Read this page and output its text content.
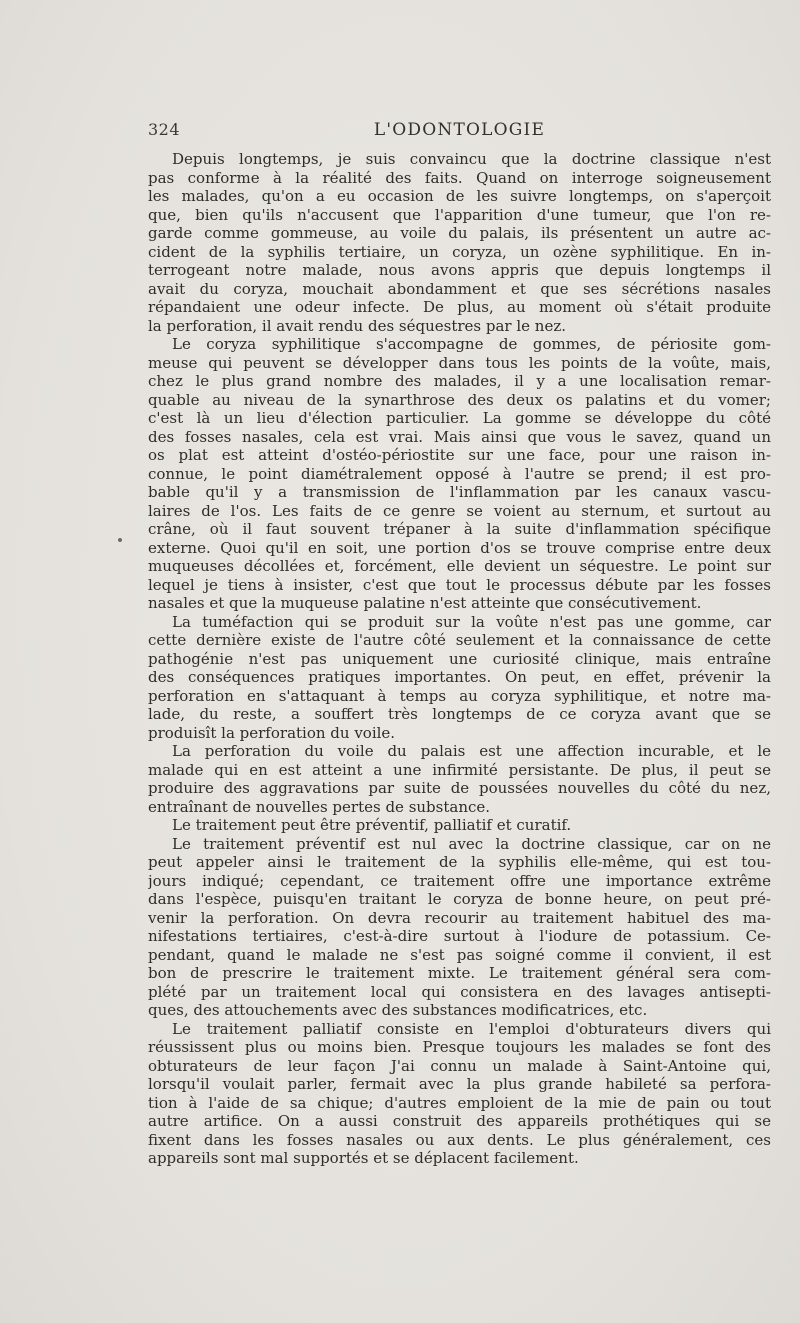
324	L'ODONTOLOGIE
Depuis longtemps, je suis convaincu que la doctrine classique n'est
pas conforme à la réalité des faits. Quand on interroge soigneusement
les malades, qu'on a eu occasion de les suivre longtemps, on s'aperçoit
que, bien qu'ils n'accusent que l'apparition d'une tumeur, que l'on re-
garde comme gommeuse, au voile du palais, ils présentent un autre ac-
cident de la syphilis tertiaire, un coryza, un ozène syphilitique. En in-
terrogeant notre malade, nous avons appris que depuis longtemps il
avait du coryza, mouchait abondamment et que ses sécrétions nasales
répandaient une odeur infecte. De plus, au moment où s'était produite
la perforation, il avait rendu des séquestres par le nez.
Le coryza syphilitique s'accompagne de gommes, de périosite gom-
meuse qui peuvent se développer dans tous les points de la voûte, mais,
chez le plus grand nombre des malades, il y a une localisation remar-
quable au niveau de la synarthrose des deux os palatins et du vomer;
c'est là un lieu d'élection particulier. La gomme se développe du côté
des fosses nasales, cela est vrai. Mais ainsi que vous le savez, quand un
os plat est atteint d'ostéo-périostite sur une face, pour une raison in-
connue, le point diamétralement opposé à l'autre se prend; il est pro-
bable qu'il y a transmission de l'inflammation par les canaux vascu-
laires de l'os. Les faits de ce genre se voient au sternum, et surtout au
crâne, où il faut souvent trépaner à la suite d'inflammation spécifique
externe. Quoi qu'il en soit, une portion d'os se trouve comprise entre deux
muqueuses décollées et, forcément, elle devient un séquestre. Le point sur
lequel je tiens à insister, c'est que tout le processus débute par les fosses
nasales et que la muqueuse palatine n'est atteinte que consécutivement.
La tuméfaction qui se produit sur la voûte n'est pas une gomme, car
cette dernière existe de l'autre côté seulement et la connaissance de cette
pathogénie n'est pas uniquement une curiosité clinique, mais entraîne
des conséquences pratiques importantes. On peut, en effet, prévenir la
perforation en s'attaquant à temps au coryza syphilitique, et notre ma-
lade, du reste, a souffert très longtemps de ce coryza avant que se
produisît la perforation du voile.
La perforation du voile du palais est une affection incurable, et le
malade qui en est atteint a une infirmité persistante. De plus, il peut se
produire des aggravations par suite de poussées nouvelles du côté du nez,
entraînant de nouvelles pertes de substance.
Le traitement peut être préventif, palliatif et curatif.
Le traitement préventif est nul avec la doctrine classique, car on ne
peut appeler ainsi le traitement de la syphilis elle-même, qui est tou-
jours indiqué; cependant, ce traitement offre une importance extrême
dans l'espèce, puisqu'en traitant le coryza de bonne heure, on peut pré-
venir la perforation. On devra recourir au traitement habituel des ma-
nifestations tertiaires, c'est-à-dire surtout à l'iodure de potassium. Ce-
pendant, quand le malade ne s'est pas soigné comme il convient, il est
bon de prescrire le traitement mixte. Le traitement général sera com-
plété par un traitement local qui consistera en des lavages antisepti-
ques, des attouchements avec des substances modificatrices, etc.
Le traitement palliatif consiste en l'emploi d'obturateurs divers qui
réussissent plus ou moins bien. Presque toujours les malades se font des
obturateurs de leur façon J'ai connu un malade à Saint-Antoine qui,
lorsqu'il voulait parler, fermait avec la plus grande habileté sa perfora-
tion à l'aide de sa chique; d'autres emploient de la mie de pain ou tout
autre artifice. On a aussi construit des appareils prothétiques qui se
fixent dans les fosses nasales ou aux dents. Le plus généralement, ces
appareils sont mal supportés et se déplacent facilement.
